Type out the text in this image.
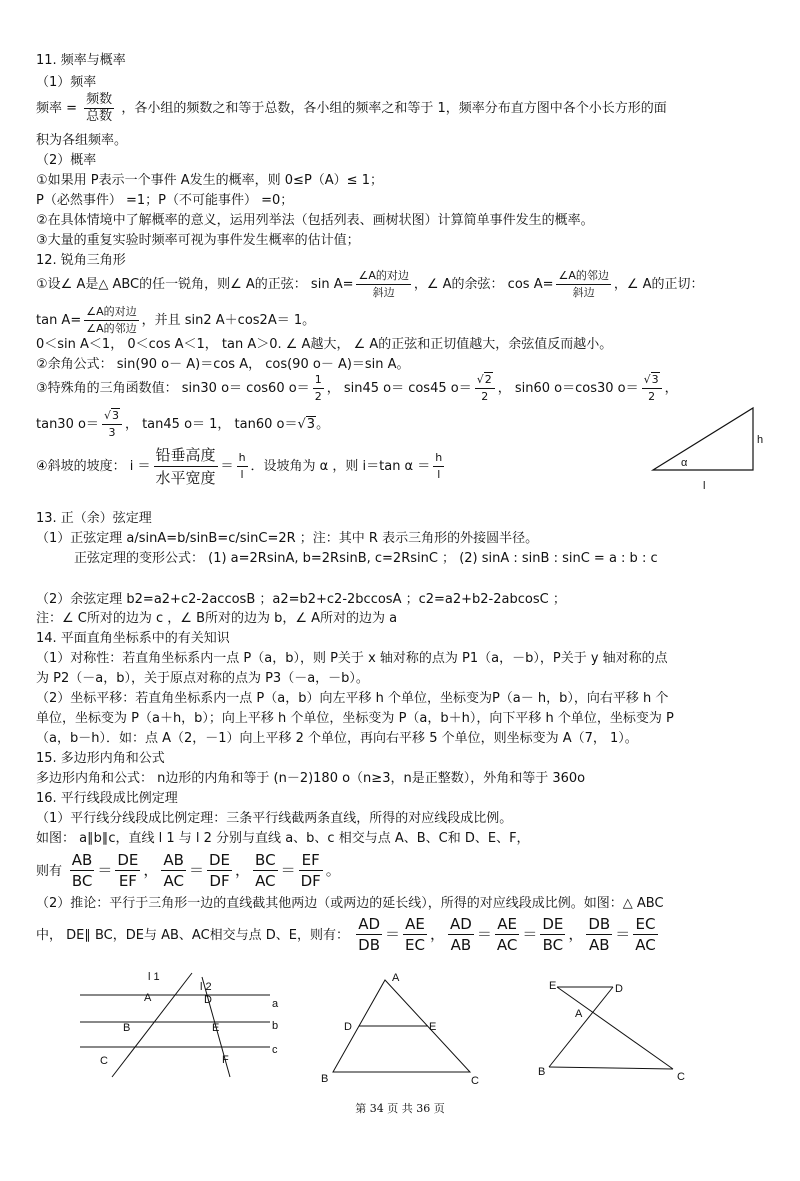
11. 频率与概率
（1）频率
频率 = $\frac{\text{频数}}{\text{总数}}$ ，各小组的频数之和等于总数，各小组的频率之和等于 1，频率分布直方图中各个小长方形的面
积为各组频率。
（2）概率
①如果用 P表示一个事件 A发生的概率，则 0≤P（A）≤ 1；
P（必然事件） =1；P（不可能事件） =0；
②在具体情境中了解概率的意义，运用列举法（包括列表、画树状图）计算简单事件发生的概率。
③大量的重复实验时频率可视为事件发生概率的估计值；
12. 锐角三角形
①设∠ A是△ ABC的任一锐角，则∠ A的正弦： $\sin A= \frac{\text{∠A的对边}}{\text{斜边}}$ ，∠ A的余弦： $\cos A= \frac{\text{∠A的邻边}}{\text{斜边}}$ ，∠ A的正切：
$\tan A= \frac{\text{∠A的对边}}{\text{∠A的邻边}}$ ，并且 sin2 A＋cos2A＝ 1。
0＜sin A＜1， 0＜cos A＜1， tan A＞0. ∠ A越大， ∠ A的正弦和正切值越大，余弦值反而越小。
②余角公式： sin(90 o－ A)＝cos A， cos(90 o－ A)＝sin A。
③特殊角的三角函数值： sin30 o＝ cos60 $o= \frac{1}{2}$ ， sin45 o＝ cos45 $o= \frac{√2}{2}$ ， sin60 o＝cos30 $o= \frac{√3}{2}$ ，
tan30 $o= \frac{√3}{3}$ ， tan45 o＝ 1， tan60 o＝√3。
④斜坡的坡度： $i = \frac{\text{铅垂高度}}{\text{水平宽度}} = \frac{h}{l}$ ．设坡角为 α ，则 i＝tan $\alpha = \frac{h}{l}$
h
l
α
13. 正（余）弦定理
（1）正弦定理 a/sinA=b/sinB=c/sinC=2R ；注：其中 R 表示三角形的外接圆半径。
正弦定理的变形公式： (1) a=2RsinA, b=2RsinB, c=2RsinC ； (2) sinA : sinB : sinC = a : b : c
（2）余弦定理 b2=a2+c2-2accosB ；a2=b2+c2-2bccosA ；c2=a2+b2-2abcosC ；
注：∠ C所对的边为 c ，∠ B所对的边为 b，∠ A所对的边为 a
14. 平面直角坐标系中的有关知识
（1）对称性：若直角坐标系内一点 P（a，b），则 P关于 x 轴对称的点为 P1（a，－b），P关于 y 轴对称的点
为 P2（－a，b），关于原点对称的点为 P3（－a，－b）。
（2）坐标平移：若直角坐标系内一点 P（a，b）向左平移 h 个单位，坐标变为P（a－ h，b），向右平移 h 个
单位，坐标变为 P（a＋h，b）；向上平移 h 个单位，坐标变为 P（a，b＋h），向下平移 h 个单位，坐标变为 P
（a，b－h）．如：点 A（2，－1）向上平移 2 个单位，再向右平移 5 个单位，则坐标变为 A（7， 1）。
15. 多边形内角和公式
多边形内角和公式： n边形的内角和等于 (n－2)180 o（n≥3，n是正整数），外角和等于 360o
16. 平行线段成比例定理
（1）平行线分线段成比例定理：三条平行线截两条直线，所得的对应线段成比例。
如图： a∥b∥c，直线 l 1 与 l 2 分别与直线 a、b、c 相交与点 A、B、C和 D、E、F，
则有 $\frac{AB}{BC} = \frac{DE}{EF}$ ， $\frac{AB}{AC} = \frac{DE}{DF}$ ， $\frac{BC}{AC} = \frac{EF}{DF}$ 。
（2）推论：平行于三角形一边的直线截其他两边（或两边的延长线），所得的对应线段成比例。如图：△ ABC
中， DE∥ BC，DE与 AB、AC相交与点 D、E，则有： $\frac{AD}{DB} = \frac{AE}{EC}$ ， $\frac{AD}{AB} = \frac{AE}{AC} = \frac{DE}{BC}$ ， $\frac{DB}{AB} = \frac{EC}{AC}$
l 1
l 2
A
B
C
D
E
F
a
b
c
A
D	E
B	C
E	D
A
B	C
第 34 页 共 36 页
